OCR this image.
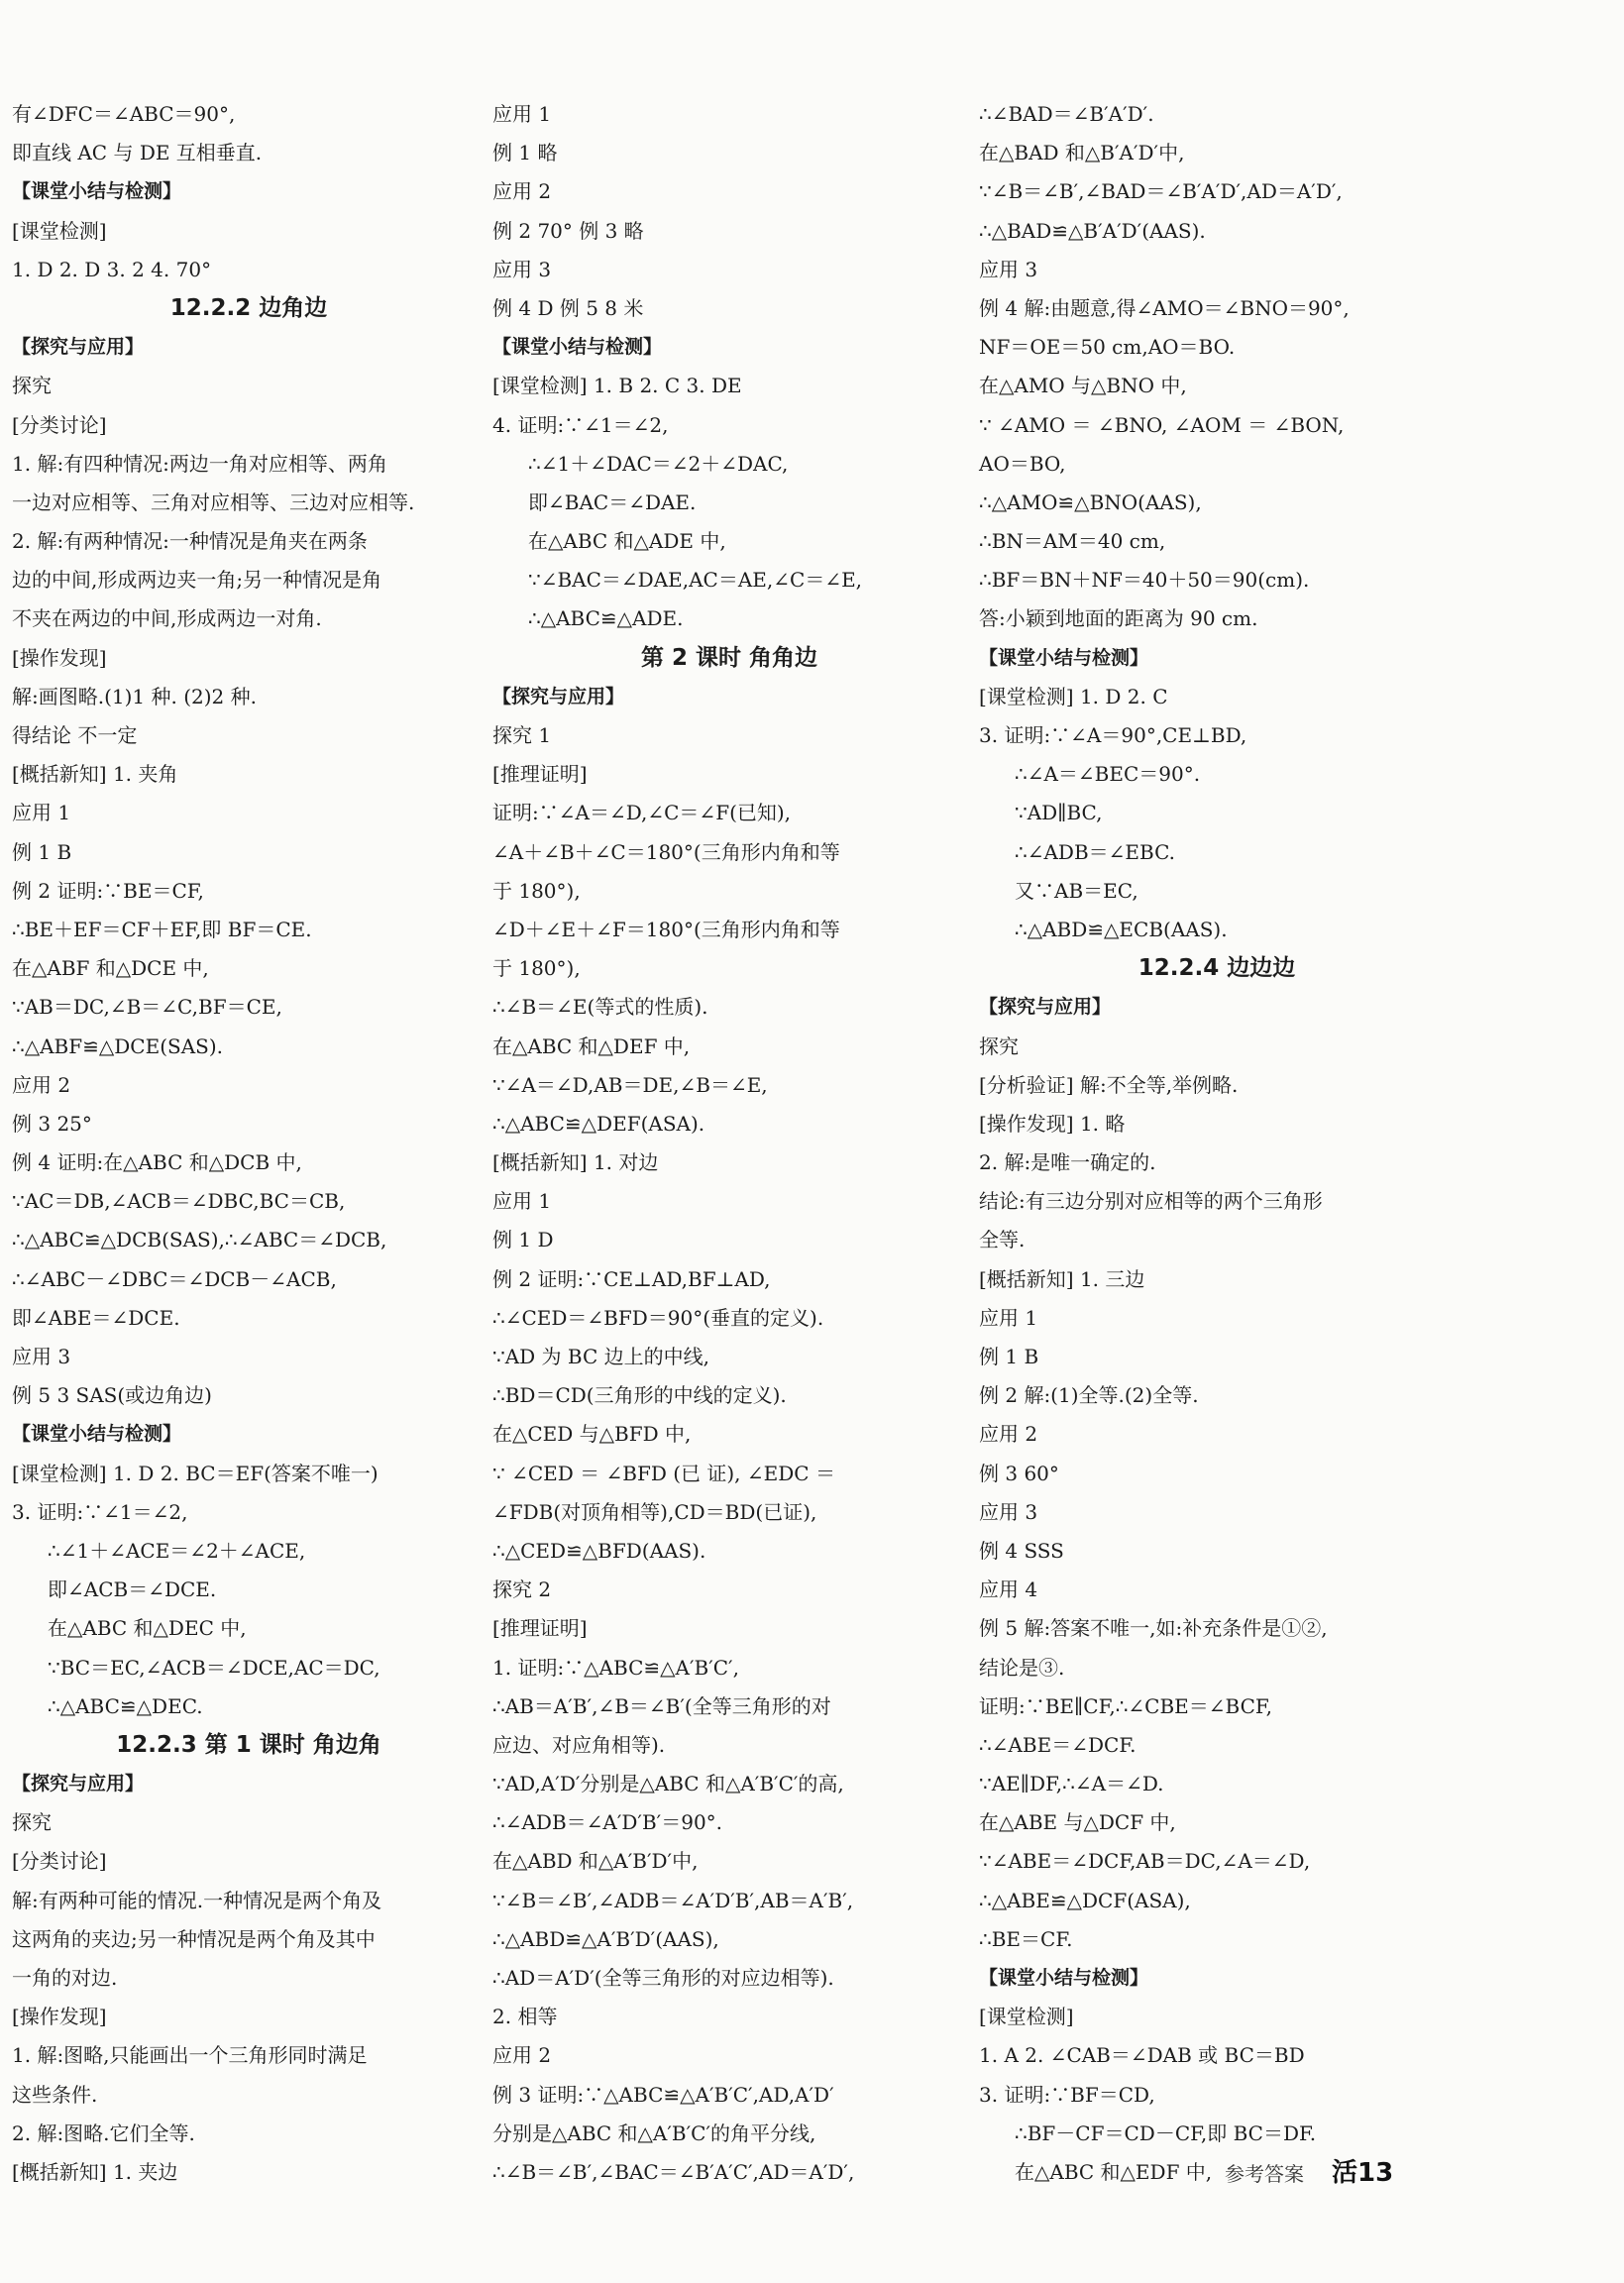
有∠DFC＝∠ABC＝90°,
即直线 AC 与 DE 互相垂直.
【课堂小结与检测】
[课堂检测]
1. D 2. D 3. 2 4. 70°
12.2.2 边角边
【探究与应用】
探究
[分类讨论]
1. 解:有四种情况:两边一角对应相等、两角
一边对应相等、三角对应相等、三边对应相等.
2. 解:有两种情况:一种情况是角夹在两条
边的中间,形成两边夹一角;另一种情况是角
不夹在两边的中间,形成两边一对角.
[操作发现]
解:画图略.(1)1 种. (2)2 种.
得结论 不一定
[概括新知] 1. 夹角
应用 1
例 1 B
例 2 证明:∵BE＝CF,
∴BE＋EF＝CF＋EF,即 BF＝CE.
在△ABF 和△DCE 中,
∵AB＝DC,∠B＝∠C,BF＝CE,
∴△ABF≌△DCE(SAS).
应用 2
例 3 25°
例 4 证明:在△ABC 和△DCB 中,
∵AC＝DB,∠ACB＝∠DBC,BC＝CB,
∴△ABC≌△DCB(SAS),∴∠ABC＝∠DCB,
∴∠ABC－∠DBC＝∠DCB－∠ACB,
即∠ABE＝∠DCE.
应用 3
例 5 3 SAS(或边角边)
【课堂小结与检测】
[课堂检测] 1. D 2. BC＝EF(答案不唯一)
3. 证明:∵∠1＝∠2,
∴∠1＋∠ACE＝∠2＋∠ACE,
即∠ACB＝∠DCE.
在△ABC 和△DEC 中,
∵BC＝EC,∠ACB＝∠DCE,AC＝DC,
∴△ABC≌△DEC.
12.2.3 第 1 课时 角边角
【探究与应用】
探究
[分类讨论]
解:有两种可能的情况.一种情况是两个角及
这两角的夹边;另一种情况是两个角及其中
一角的对边.
[操作发现]
1. 解:图略,只能画出一个三角形同时满足
这些条件.
2. 解:图略.它们全等.
[概括新知] 1. 夹边
应用 1
例 1 略
应用 2
例 2 70° 例 3 略
应用 3
例 4 D 例 5 8 米
【课堂小结与检测】
[课堂检测] 1. B 2. C 3. DE
4. 证明:∵∠1＝∠2,
∴∠1＋∠DAC＝∠2＋∠DAC,
即∠BAC＝∠DAE.
在△ABC 和△ADE 中,
∵∠BAC＝∠DAE,AC＝AE,∠C＝∠E,
∴△ABC≌△ADE.
第 2 课时 角角边
【探究与应用】
探究 1
[推理证明]
证明:∵∠A＝∠D,∠C＝∠F(已知),
∠A＋∠B＋∠C＝180°(三角形内角和等
于 180°),
∠D＋∠E＋∠F＝180°(三角形内角和等
于 180°),
∴∠B＝∠E(等式的性质).
在△ABC 和△DEF 中,
∵∠A＝∠D,AB＝DE,∠B＝∠E,
∴△ABC≌△DEF(ASA).
[概括新知] 1. 对边
应用 1
例 1 D
例 2 证明:∵CE⊥AD,BF⊥AD,
∴∠CED＝∠BFD＝90°(垂直的定义).
∵AD 为 BC 边上的中线,
∴BD＝CD(三角形的中线的定义).
在△CED 与△BFD 中,
∵ ∠CED ＝ ∠BFD (已 证), ∠EDC ＝
∠FDB(对顶角相等),CD＝BD(已证),
∴△CED≌△BFD(AAS).
探究 2
[推理证明]
1. 证明:∵△ABC≌△A′B′C′,
∴AB＝A′B′,∠B＝∠B′(全等三角形的对
应边、对应角相等).
∵AD,A′D′分别是△ABC 和△A′B′C′的高,
∴∠ADB＝∠A′D′B′＝90°.
在△ABD 和△A′B′D′中,
∵∠B＝∠B′,∠ADB＝∠A′D′B′,AB＝A′B′,
∴△ABD≌△A′B′D′(AAS),
∴AD＝A′D′(全等三角形的对应边相等).
2. 相等
应用 2
例 3 证明:∵△ABC≌△A′B′C′,AD,A′D′
分别是△ABC 和△A′B′C′的角平分线,
∴∠B＝∠B′,∠BAC＝∠B′A′C′,AD＝A′D′,
∴∠BAD＝∠B′A′D′.
在△BAD 和△B′A′D′中,
∵∠B＝∠B′,∠BAD＝∠B′A′D′,AD＝A′D′,
∴△BAD≌△B′A′D′(AAS).
应用 3
例 4 解:由题意,得∠AMO＝∠BNO＝90°,
NF＝OE＝50 cm,AO＝BO.
在△AMO 与△BNO 中,
∵ ∠AMO ＝ ∠BNO, ∠AOM ＝ ∠BON,
AO＝BO,
∴△AMO≌△BNO(AAS),
∴BN＝AM＝40 cm,
∴BF＝BN＋NF＝40＋50＝90(cm).
答:小颖到地面的距离为 90 cm.
【课堂小结与检测】
[课堂检测] 1. D 2. C
3. 证明:∵∠A＝90°,CE⊥BD,
∴∠A＝∠BEC＝90°.
∵AD∥BC,
∴∠ADB＝∠EBC.
又∵AB＝EC,
∴△ABD≌△ECB(AAS).
12.2.4 边边边
【探究与应用】
探究
[分析验证] 解:不全等,举例略.
[操作发现] 1. 略
2. 解:是唯一确定的.
结论:有三边分别对应相等的两个三角形
全等.
[概括新知] 1. 三边
应用 1
例 1 B
例 2 解:(1)全等.(2)全等.
应用 2
例 3 60°
应用 3
例 4 SSS
应用 4
例 5 解:答案不唯一,如:补充条件是①②,
结论是③.
证明:∵BE∥CF,∴∠CBE＝∠BCF,
∴∠ABE＝∠DCF.
∵AE∥DF,∴∠A＝∠D.
在△ABE 与△DCF 中,
∵∠ABE＝∠DCF,AB＝DC,∠A＝∠D,
∴△ABE≌△DCF(ASA),
∴BE＝CF.
【课堂小结与检测】
[课堂检测]
1. A 2. ∠CAB＝∠DAB 或 BC＝BD
3. 证明:∵BF＝CD,
∴BF－CF＝CD－CF,即 BC＝DF.
在△ABC 和△EDF 中, 参考答案 活13
